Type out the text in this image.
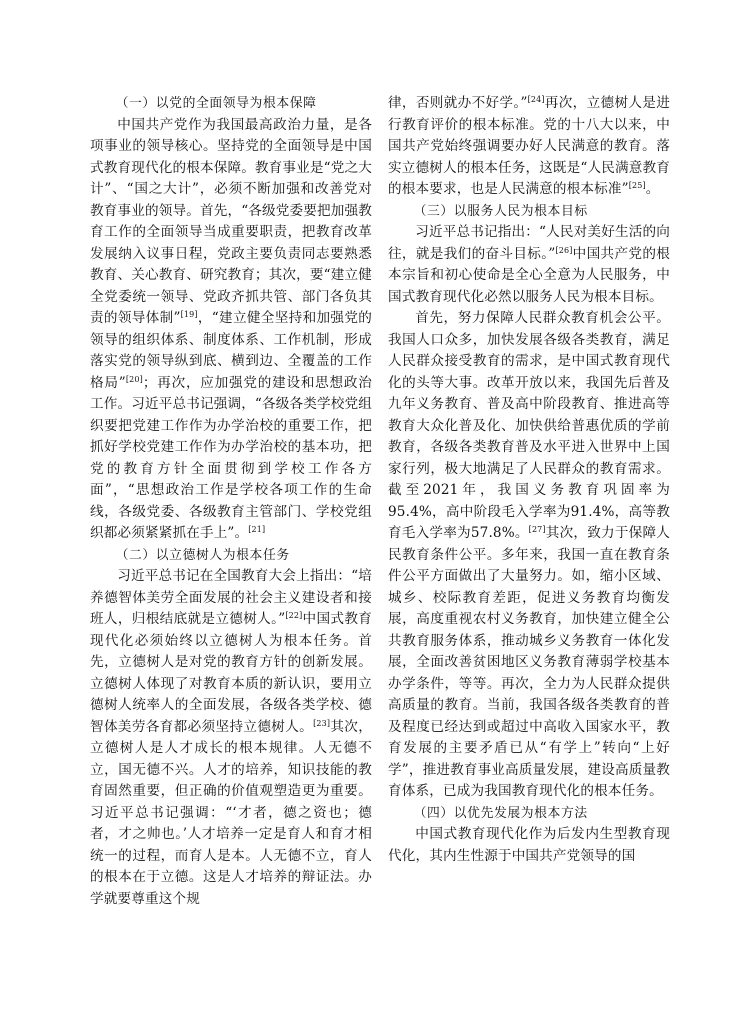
（一）以党的全面领导为根本保障

中国共产党作为我国最高政治力量，是各项事业的领导核心。坚持党的全面领导是中国式教育现代化的根本保障。教育事业是“党之大计”、“国之大计”，必须不断加强和改善党对教育事业的领导。首先，“各级党委要把加强教育工作的全面领导当成重要职责，把教育改革发展纳入议事日程，党政主要负责同志要熟悉教育、关心教育、研究教育；其次，要“建立健全党委统一领导、党政齐抓共管、部门各负其责的领导体制”[19]，“建立健全坚持和加强党的领导的组织体系、制度体系、工作机制，形成落实党的领导纵到底、横到边、全覆盖的工作格局”[20]；再次，应加强党的建设和思想政治工作。习近平总书记强调，“各级各类学校党组织要把党建工作作为办学治校的重要工作，把抓好学校党建工作作为办学治校的基本功，把党的教育方针全面贯彻到学校工作各方面”，“思想政治工作是学校各项工作的生命线，各级党委、各级教育主管部门、学校党组织都必须紧紧抓在手上”。[21]

（二）以立德树人为根本任务

习近平总书记在全国教育大会上指出：“培养德智体美劳全面发展的社会主义建设者和接班人，归根结底就是立德树人。”[22]中国式教育现代化必须始终以立德树人为根本任务。首先，立德树人是对党的教育方针的创新发展。立德树人体现了对教育本质的新认识，要用立德树人统率人的全面发展，各级各类学校、德智体美劳各育都必须坚持立德树人。[23]其次，立德树人是人才成长的根本规律。人无德不立，国无德不兴。人才的培养，知识技能的教育固然重要，但正确的价值观塑造更为重要。习近平总书记强调：“‘才者，德之资也；德者，才之帅也。’人才培养一定是育人和育才相统一的过程，而育人是本。人无德不立，育人的根本在于立德。这是人才培养的辩证法。办学就要尊重这个规

律，否则就办不好学。”[24]再次，立德树人是进行教育评价的根本标准。党的十八大以来，中国共产党始终强调要办好人民满意的教育。落实立德树人的根本任务，这既是“人民满意教育的根本要求，也是人民满意的根本标准”[25]。

（三）以服务人民为根本目标

习近平总书记指出：“人民对美好生活的向往，就是我们的奋斗目标。”[26]中国共产党的根本宗旨和初心使命是全心全意为人民服务，中国式教育现代化必然以服务人民为根本目标。

首先，努力保障人民群众教育机会公平。我国人口众多，加快发展各级各类教育，满足人民群众接受教育的需求，是中国式教育现代化的头等大事。改革开放以来，我国先后普及九年义务教育、普及高中阶段教育、推进高等教育大众化普及化、加快供给普惠优质的学前教育，各级各类教育普及水平进入世界中上国家行列，极大地满足了人民群众的教育需求。截至2021年，我国义务教育巩固率为95.4%，高中阶段毛入学率为91.4%，高等教育毛入学率为57.8%。[27]其次，致力于保障人民教育条件公平。多年来，我国一直在教育条件公平方面做出了大量努力。如，缩小区域、城乡、校际教育差距，促进义务教育均衡发展，高度重视农村义务教育，加快建立健全公共教育服务体系，推动城乡义务教育一体化发展，全面改善贫困地区义务教育薄弱学校基本办学条件，等等。再次，全力为人民群众提供高质量的教育。当前，我国各级各类教育的普及程度已经达到或超过中高收入国家水平，教育发展的主要矛盾已从“有学上”转向“上好学”，推进教育事业高质量发展，建设高质量教育体系，已成为我国教育现代化的根本任务。

（四）以优先发展为根本方法

中国式教育现代化作为后发内生型教育现代化，其内生性源于中国共产党领导的国
